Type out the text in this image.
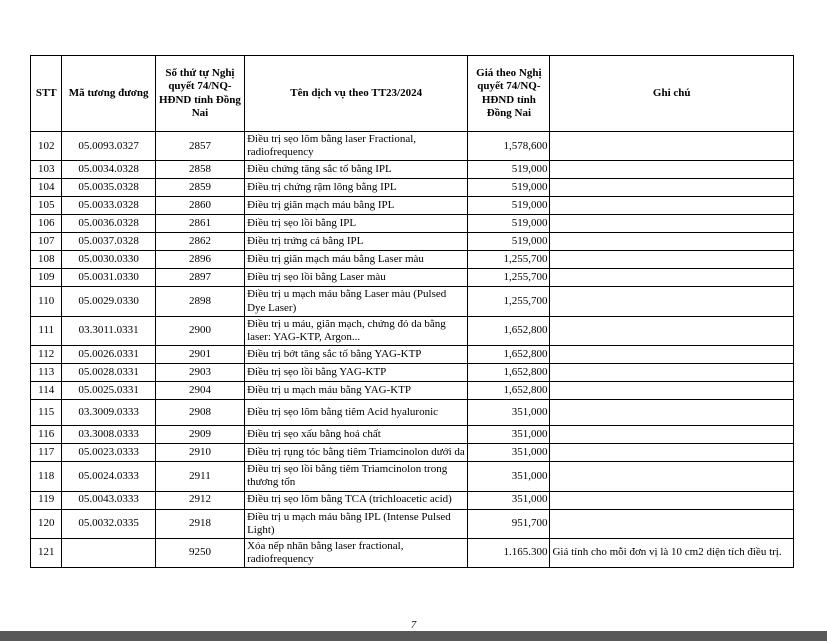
STT	Mã tương đương	Số thứ tự Nghị quyết 74/NQ-HĐND tỉnh Đồng Nai	Tên dịch vụ theo TT23/2024	Giá theo Nghị quyết 74/NQ-HĐND tỉnh Đồng Nai	Ghi chú
102	05.0093.0327	2857	Điều trị sẹo lõm bằng laser Fractional, radiofrequency	1,578,600	
103	05.0034.0328	2858	Điều chứng tăng sắc tố bằng IPL	519,000	
104	05.0035.0328	2859	Điều trị chứng rậm lông bằng IPL	519,000	
105	05.0033.0328	2860	Điều trị giãn mạch máu bằng IPL	519,000	
106	05.0036.0328	2861	Điều trị sẹo lồi bằng IPL	519,000	
107	05.0037.0328	2862	Điều trị trứng cá bằng IPL	519,000	
108	05.0030.0330	2896	Điều trị giãn mạch máu bằng Laser màu	1,255,700	
109	05.0031.0330	2897	Điều trị sẹo lồi bằng Laser màu	1,255,700	
110	05.0029.0330	2898	Điều trị u mạch máu bằng Laser màu (Pulsed Dye Laser)	1,255,700	
111	03.3011.0331	2900	Điều trị u máu, giãn mạch, chứng đỏ da bằng laser: YAG-KTP, Argon...	1,652,800	
112	05.0026.0331	2901	Điều trị bớt tăng sắc tố bằng YAG-KTP	1,652,800	
113	05.0028.0331	2903	Điều trị sẹo lồi bằng YAG-KTP	1,652,800	
114	05.0025.0331	2904	Điều trị u mạch máu bằng YAG-KTP	1,652,800	
115	03.3009.0333	2908	Điều trị sẹo lõm bằng tiêm Acid hyaluronic	351,000	
116	03.3008.0333	2909	Điều trị sẹo xấu bằng hoá chất	351,000	
117	05.0023.0333	2910	Điều trị rụng tóc bằng tiêm Triamcinolon dưới da	351,000	
118	05.0024.0333	2911	Điều trị sẹo lồi bằng tiêm Triamcinolon trong thương tổn	351,000	
119	05.0043.0333	2912	Điều trị sẹo lõm bằng TCA (trichloacetic acid)	351,000	
120	05.0032.0335	2918	Điều trị u mạch máu bằng IPL (Intense Pulsed Light)	951,700	
121		9250	Xóa nếp nhăn bằng laser fractional, radiofrequency	1.165.300	Giá tính cho mỗi đơn vị là 10 cm2 diện tích điều trị.
7
